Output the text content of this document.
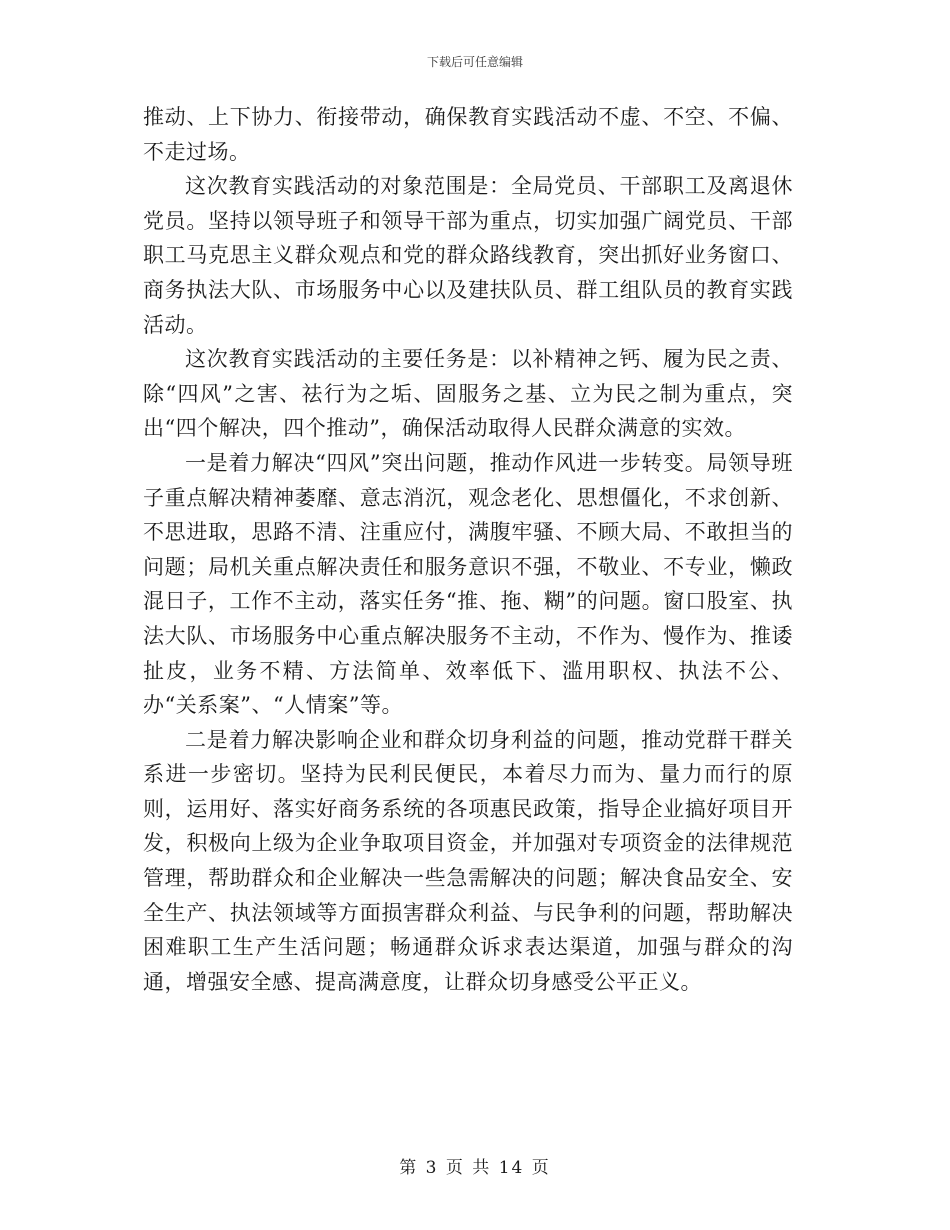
下载后可任意编辑

推动、上下协力、衔接带动，确保教育实践活动不虚、不空、不偏、不走过场。

这次教育实践活动的对象范围是：全局党员、干部职工及离退休党员。坚持以领导班子和领导干部为重点，切实加强广阔党员、干部职工马克思主义群众观点和党的群众路线教育，突出抓好业务窗口、商务执法大队、市场服务中心以及建扶队员、群工组队员的教育实践活动。

这次教育实践活动的主要任务是：以补精神之钙、履为民之责、除“四风”之害、祛行为之垢、固服务之基、立为民之制为重点，突出“四个解决，四个推动”，确保活动取得人民群众满意的实效。

一是着力解决“四风”突出问题，推动作风进一步转变。局领导班子重点解决精神萎靡、意志消沉，观念老化、思想僵化，不求创新、不思进取，思路不清、注重应付，满腹牢骚、不顾大局、不敢担当的问题；局机关重点解决责任和服务意识不强，不敬业、不专业，懒政混日子，工作不主动，落实任务“推、拖、糊”的问题。窗口股室、执法大队、市场服务中心重点解决服务不主动，不作为、慢作为、推诿扯皮，业务不精、方法简单、效率低下、滥用职权、执法不公、办“关系案”、“人情案”等。

二是着力解决影响企业和群众切身利益的问题，推动党群干群关系进一步密切。坚持为民利民便民，本着尽力而为、量力而行的原则，运用好、落实好商务系统的各项惠民政策，指导企业搞好项目开发，积极向上级为企业争取项目资金，并加强对专项资金的法律规范管理，帮助群众和企业解决一些急需解决的问题；解决食品安全、安全生产、执法领域等方面损害群众利益、与民争利的问题，帮助解决困难职工生产生活问题；畅通群众诉求表达渠道，加强与群众的沟通，增强安全感、提高满意度，让群众切身感受公平正义。

第 3 页 共 14 页
